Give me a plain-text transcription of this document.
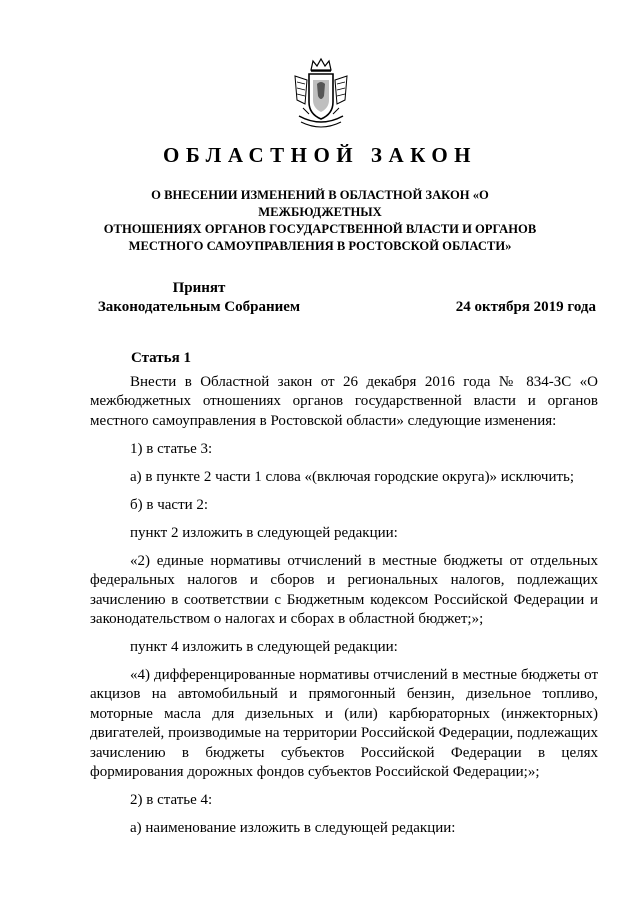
ОБЛАСТНОЙ ЗАКОН
О ВНЕСЕНИИ ИЗМЕНЕНИЙ В ОБЛАСТНОЙ ЗАКОН «О МЕЖБЮДЖЕТНЫХ
ОТНОШЕНИЯХ ОРГАНОВ ГОСУДАРСТВЕННОЙ ВЛАСТИ И ОРГАНОВ
МЕСТНОГО САМОУПРАВЛЕНИЯ В РОСТОВСКОЙ ОБЛАСТИ»
Принят
Законодательным Собранием	24 октября 2019 года
Статья 1

Внести в Областной закон от 26 декабря 2016 года № 834-ЗС «О межбюджетных отношениях органов государственной власти и органов местного самоуправления в Ростовской области» следующие изменения:

1) в статье 3:

а) в пункте 2 части 1 слова «(включая городские округа)» исключить;

б) в части 2:

пункт 2 изложить в следующей редакции:

«2) единые нормативы отчислений в местные бюджеты от отдельных федеральных налогов и сборов и региональных налогов, подлежащих зачислению в соответствии с Бюджетным кодексом Российской Федерации и законодательством о налогах и сборах в областной бюджет;»;

пункт 4 изложить в следующей редакции:

«4) дифференцированные нормативы отчислений в местные бюджеты от акцизов на автомобильный и прямогонный бензин, дизельное топливо, моторные масла для дизельных и (или) карбюраторных (инжекторных) двигателей, производимые на территории Российской Федерации, подлежащих зачислению в бюджеты субъектов Российской Федерации в целях формирования дорожных фондов субъектов Российской Федерации;»;

2) в статье 4:

а) наименование изложить в следующей редакции:
